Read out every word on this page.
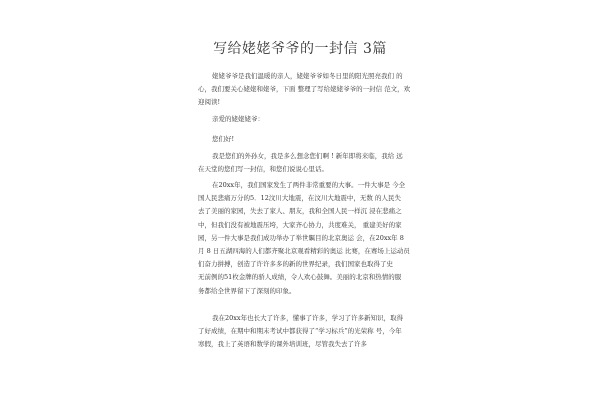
写给姥姥爷爷的一封信 3篇
姥姥爷爷是我们温暖的亲人，姥姥爷爷如冬日里的阳光照亮我们 的
心，我们要关心姥姥和姥爷，下面 整理了写给姥姥爷爷的一封信 范文，欢
迎阅读!
亲爱的姥姥姥爷：
您们好!
我是您们的外孙女，我是多么想念您们啊 ! 新年即将来临，我给 远
在天堂的您们写一封信，和您们说说心里话。
在20xx年，我们国家发生了两件非常重要的大事。一件大事是 今全
国人民悲痛万分的5．12汶川大地震，在汶川大地震中，无数 的人民失
去了美丽的家园，失去了家人、朋友，我和全国人民一样沉 浸在悲痛之
中，但我们没有被地震压垮，大家齐心协力，共度难关， 重建美好的家
园，另一件大事是我们成功举办了举世瞩目的北京奥运 会，在20xx年 8
月 8 日五湖四海的人们都齐聚北京观看精彩的奥运 比赛，在赛场上运动员
们奋力拼搏，创造了许许多多的新的世界纪录，我们国家也取得了史
无前例的51枚金牌的骄人成绩，令人欢心鼓舞。美丽的北京和热情的服
务都给全世界留下了深刻的印象。
我在20xx年也长大了许多，懂事了许多，学习了许多新知识，取得
了好成绩，在期中和期末考试中都获得了“学习标兵”的光荣称 号，今年
寒假，我上了英语和数学的课外培训班，尽管我失去了许多
